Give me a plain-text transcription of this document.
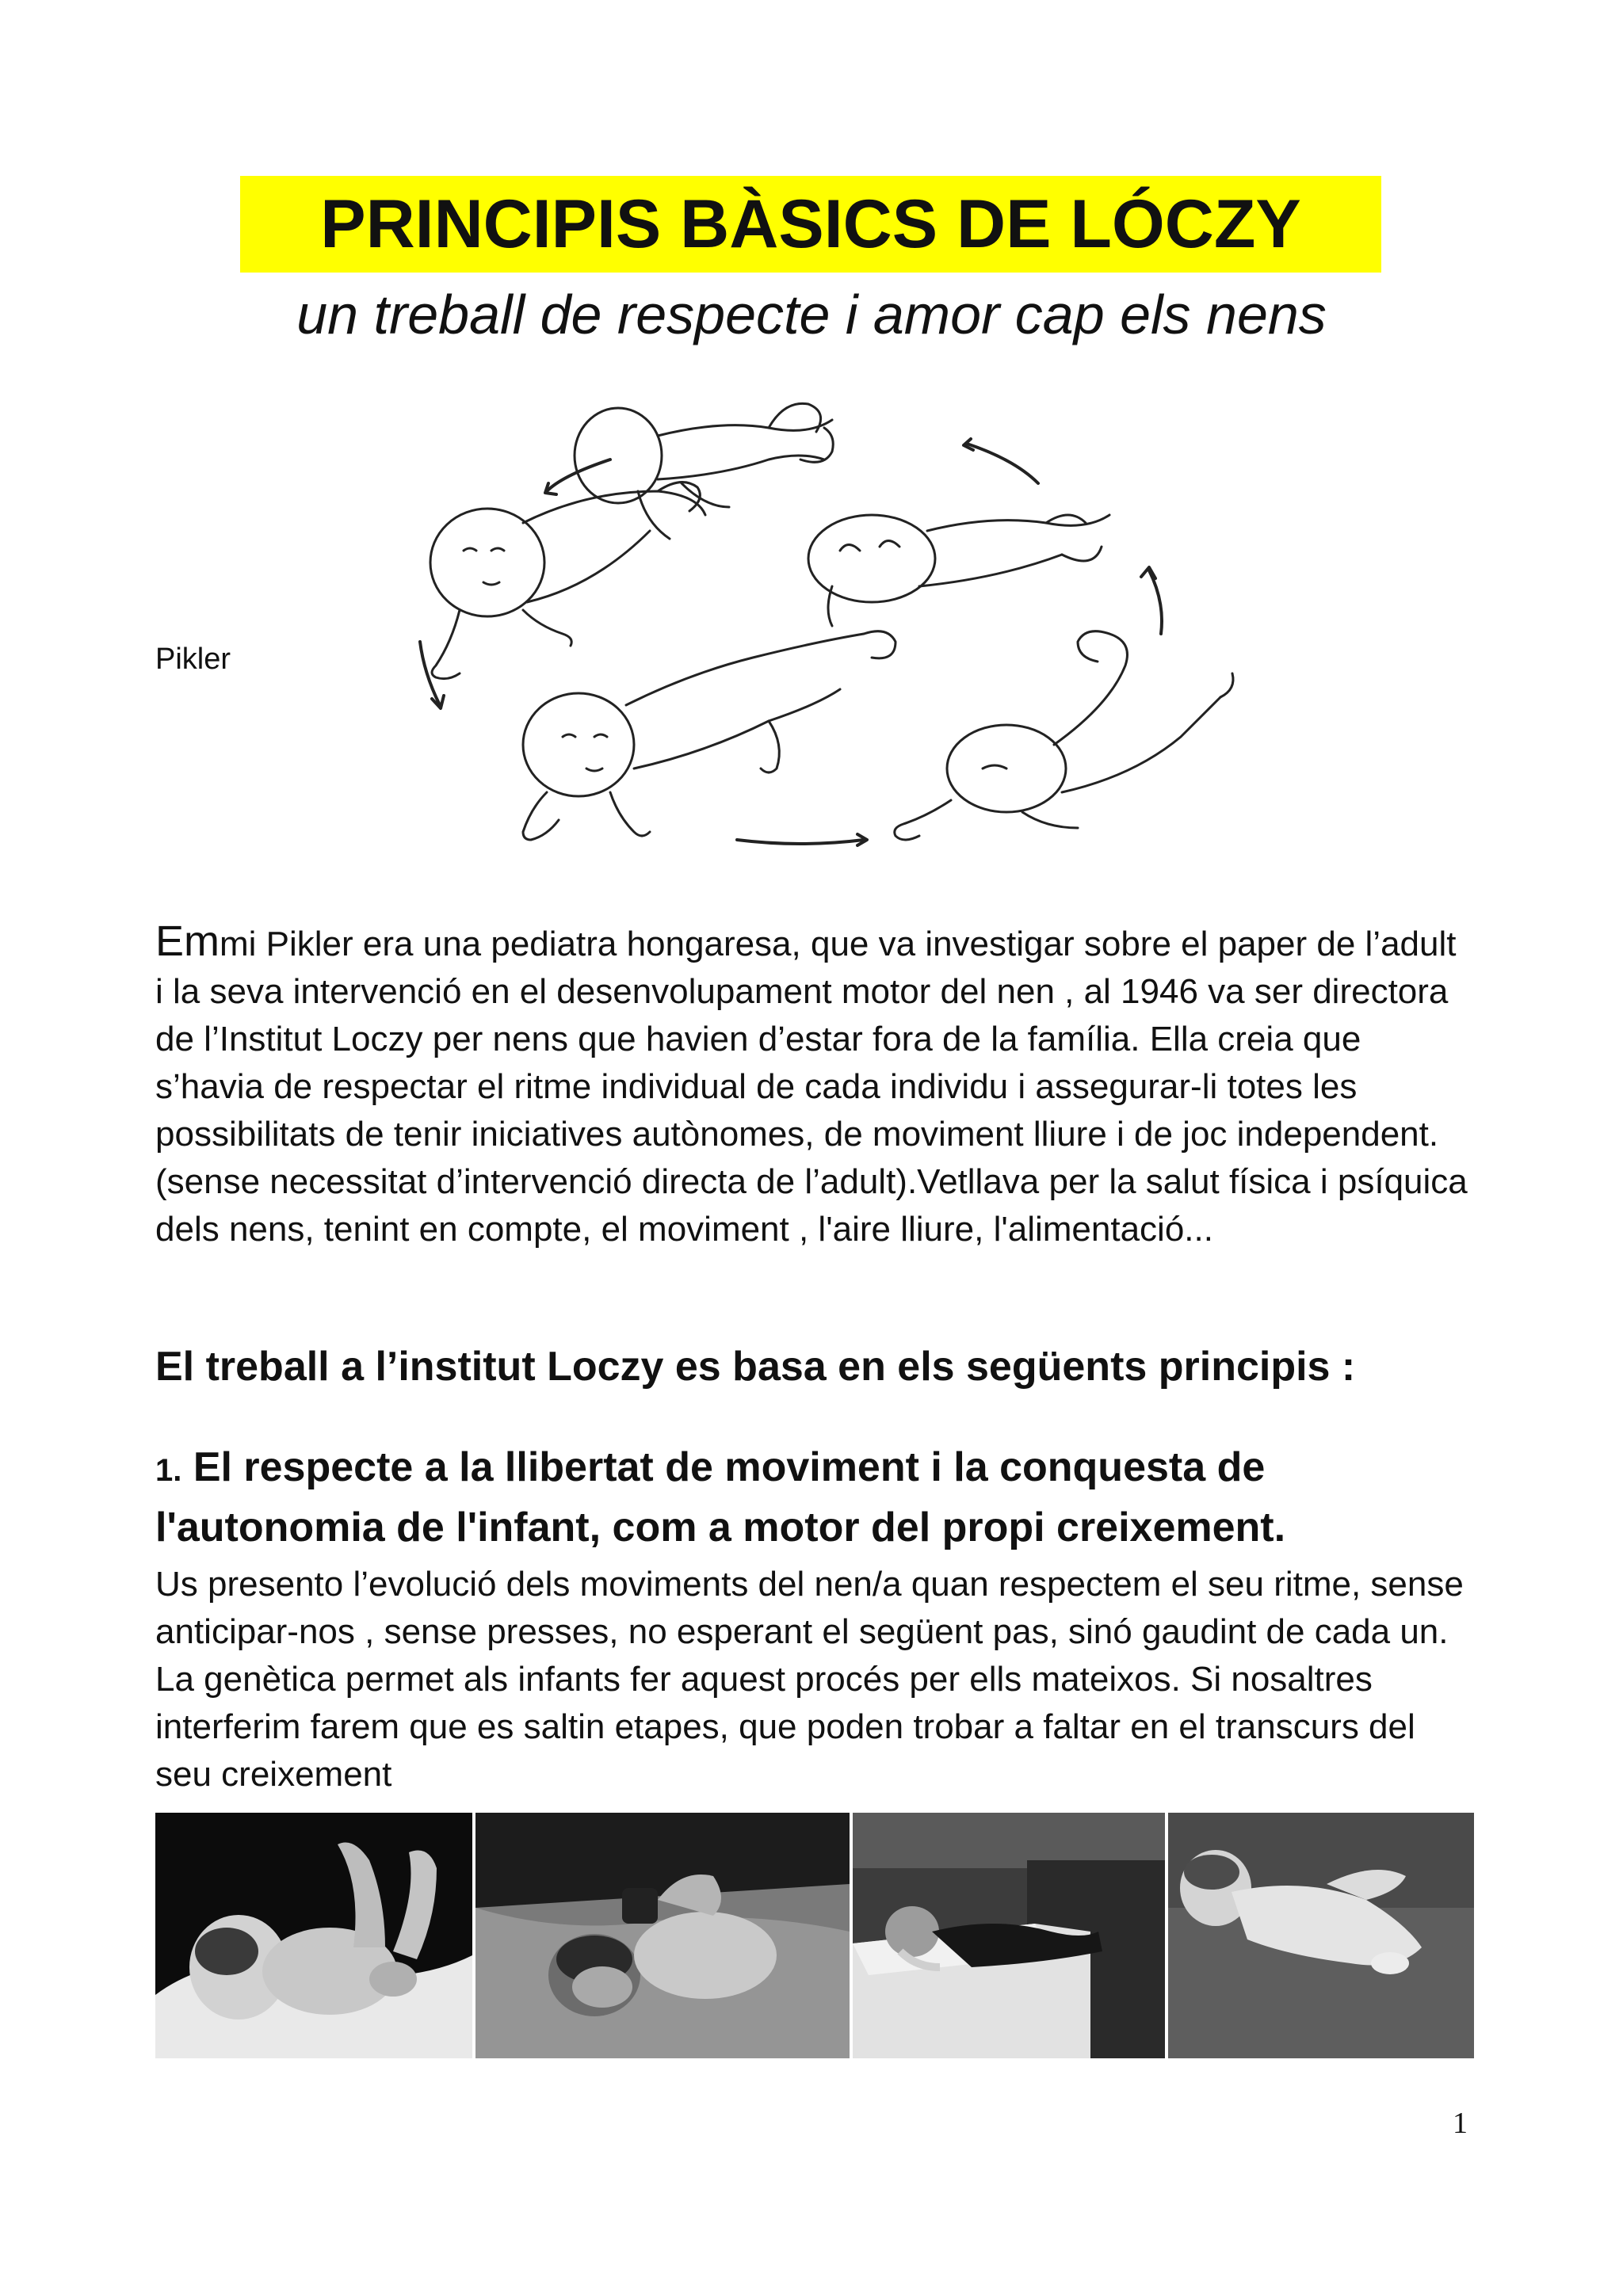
PRINCIPIS BÀSICS DE LÓCZY
un treball de respecte i amor cap els nens
Pikler
Emmi Pikler era una pediatra hongaresa, que va investigar sobre el paper de l’adult i la seva intervenció en el desenvolupament motor del nen , al 1946 va ser directora de l’Institut Loczy per nens que havien d’estar fora de la família. Ella creia que s’havia de respectar el ritme individual de cada individu i assegurar-li totes les possibilitats de tenir iniciatives autònomes, de moviment lliure i de joc independent.(sense necessitat d’intervenció directa de l’adult).Vetllava per la salut física i psíquica dels nens, tenint en compte, el moviment , l'aire lliure, l'alimentació...
El treball a l’institut Loczy es basa en els següents principis :
1. El respecte a la llibertat de moviment i la conquesta de l'autonomia de l'infant, com a motor del propi creixement.
Us presento l’evolució dels moviments del nen/a quan respectem el seu ritme, sense anticipar-nos , sense presses, no esperant el següent pas, sinó gaudint de cada un. La genètica permet als infants fer aquest procés per ells mateixos. Si nosaltres interferim farem que es saltin etapes, que poden trobar a faltar en el transcurs del seu creixement
1
